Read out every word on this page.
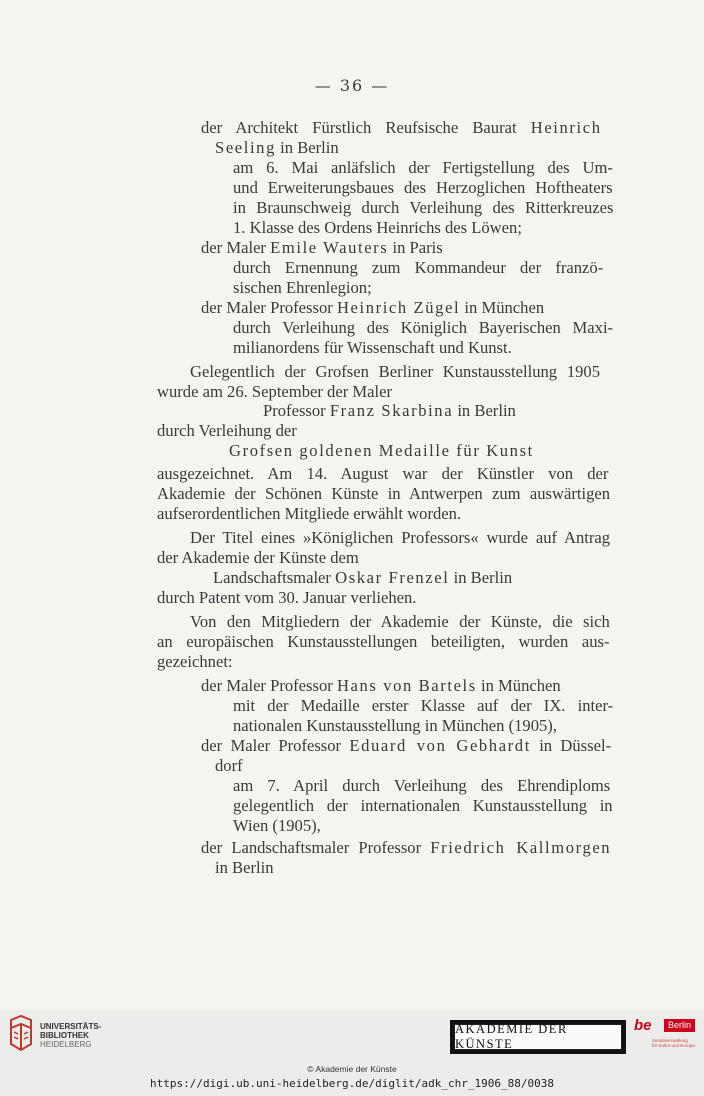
— 36 —
der Architekt Fürstlich Reufsische Baurat Heinrich
Seeling in Berlin
am 6. Mai anläfslich der Fertigstellung des Um-
und Erweiterungsbaues des Herzoglichen Hoftheaters
in Braunschweig durch Verleihung des Ritterkreuzes
1. Klasse des Ordens Heinrichs des Löwen;
der Maler Emile Wauters in Paris
durch Ernennung zum Kommandeur der franzö-
sischen Ehrenlegion;
der Maler Professor Heinrich Zügel in München
durch Verleihung des Königlich Bayerischen Maxi-
milianordens für Wissenschaft und Kunst.
Gelegentlich der Grofsen Berliner Kunstausstellung 1905
wurde am 26. September der Maler
Professor Franz Skarbina in Berlin
durch Verleihung der
Grofsen goldenen Medaille für Kunst
ausgezeichnet. Am 14. August war der Künstler von der
Akademie der Schönen Künste in Antwerpen zum auswärtigen
aufserordentlichen Mitgliede erwählt worden.
Der Titel eines »Königlichen Professors« wurde auf Antrag
der Akademie der Künste dem
Landschaftsmaler Oskar Frenzel in Berlin
durch Patent vom 30. Januar verliehen.
Von den Mitgliedern der Akademie der Künste, die sich
an europäischen Kunstausstellungen beteiligten, wurden aus-
gezeichnet:
der Maler Professor Hans von Bartels in München
mit der Medaille erster Klasse auf der IX. inter-
nationalen Kunstausstellung in München (1905),
der Maler Professor Eduard von Gebhardt in Düssel-
dorf
am 7. April durch Verleihung des Ehrendiploms
gelegentlich der internationalen Kunstausstellung in
Wien (1905),
der Landschaftsmaler Professor Friedrich Kallmorgen
in Berlin
UNIVERSITÄTS-
BIBLIOTHEK
HEIDELBERG
AKADEMIE DER KÜNSTE
be	Berlin
Senatsverwaltung
für Kultur und Europa
© Akademie der Künste
https://digi.ub.uni-heidelberg.de/diglit/adk_chr_1906_88/0038
